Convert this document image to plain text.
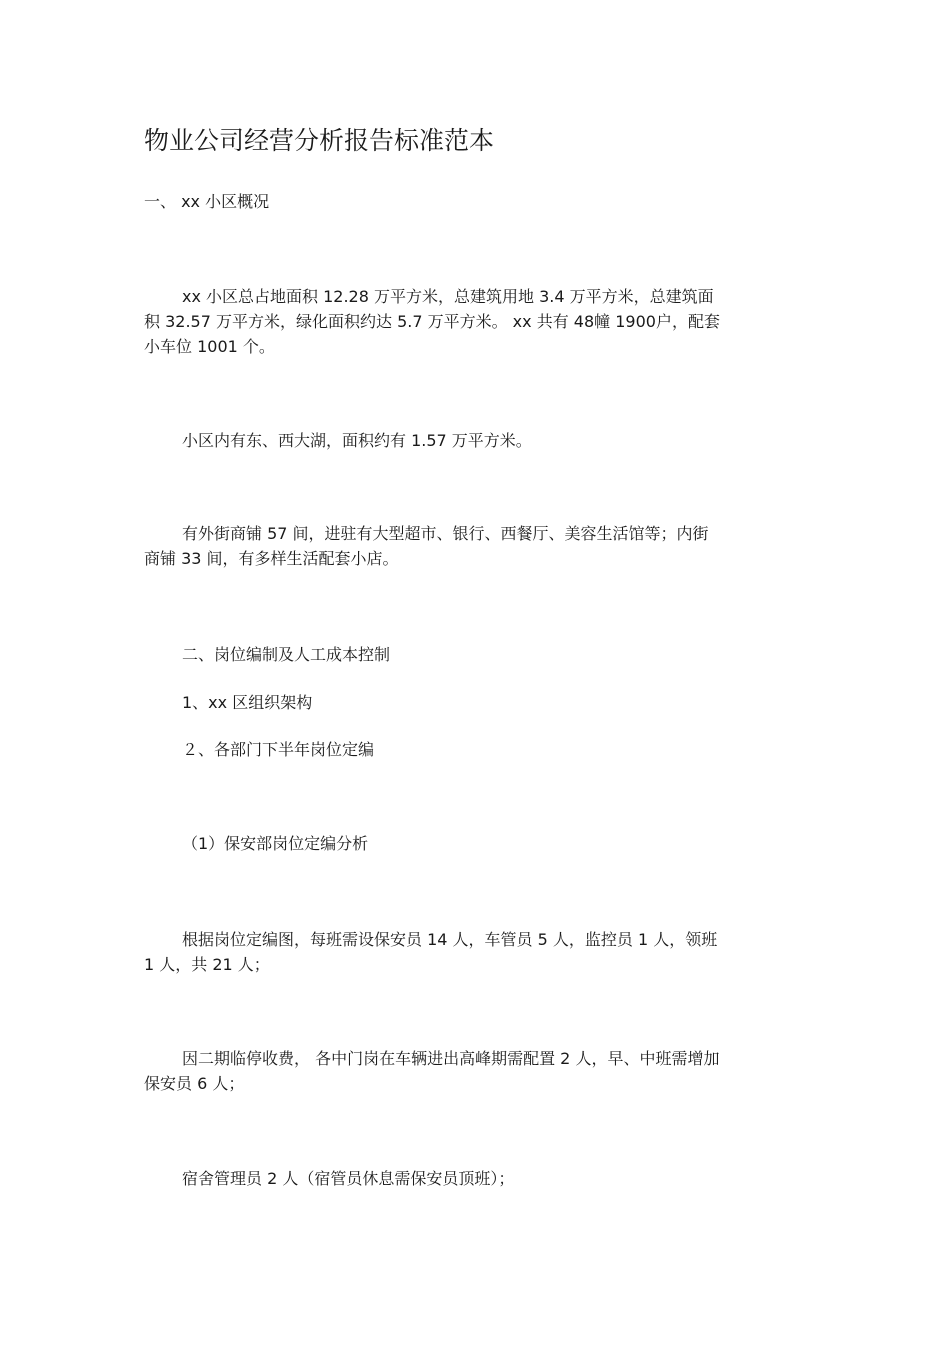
物业公司经营分析报告标准范本
一、 xx 小区概况
xx 小区总占地面积 12.28 万平方米，总建筑用地 3.4 万平方米，总建筑面
积 32.57 万平方米，绿化面积约达 5.7 万平方米。 xx 共有 48幢 1900户，配套
小车位 1001 个。
小区内有东、西大湖，面积约有 1.57 万平方米。
有外街商铺 57 间，进驻有大型超市、银行、西餐厅、美容生活馆等；内街
商铺 33 间，有多样生活配套小店。
二、岗位编制及人工成本控制
1、xx 区组织架构
２、各部门下半年岗位定编
（1）保安部岗位定编分析
根据岗位定编图，每班需设保安员 14 人，车管员 5 人，监控员 1 人，领班
1 人，共 21 人；
因二期临停收费， 各中门岗在车辆进出高峰期需配置 2 人，早、中班需增加
保安员 6 人；
宿舍管理员 2 人（宿管员休息需保安员顶班）；
